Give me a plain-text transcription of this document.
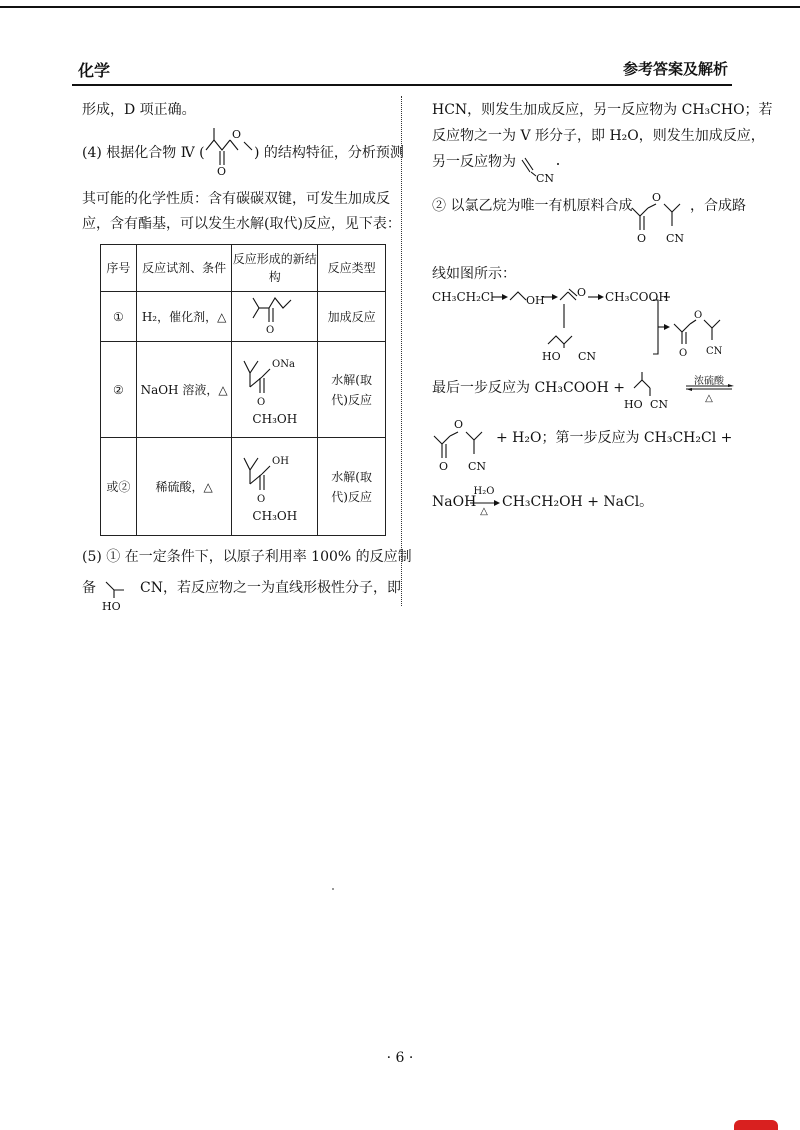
化学	参考答案及解析
形成，D 项正确。
(4) 根据化合物 Ⅳ (
O
O
) 的结构特征，分析预测
其可能的化学性质：含有碳碳双键，可发生加成反
应，含有酯基，可以发生水解(取代)反应，见下表：
序号	反应试剂、条件	反应形成的新结构	反应类型
①	H₂，催化剂，△	O	加成反应
②	NaOH 溶液，△	ONa
O
CH₃OH	水解(取代)反应
或②	稀硫酸，△	OH
O
CH₃OH	水解(取代)反应
(5) ① 在一定条件下，以原子利用率 100% 的反应制
备
HO
CN，若反应物之一为直线形极性分子，即
HCN，则发生加成反应，另一反应物为 CH₃CHO；若
反应物之一为 V 形分子，即 H₂O，则发生加成反应，
另一反应物为
CN
② 以氯乙烷为唯一有机原料合成
O
O CN
，合成路
线如图所示：
CH₃CH₂Cl	OH
O CH₃COOH
HO CN
O
O CN
最后一步反应为 CH₃COOH +
HO CN
浓硫酸
△
O
O CN
+ H₂O；第一步反应为 CH₃CH₂Cl +
NaOH
H₂O
△
CH₃CH₂OH + NaCl。
· 6 ·
